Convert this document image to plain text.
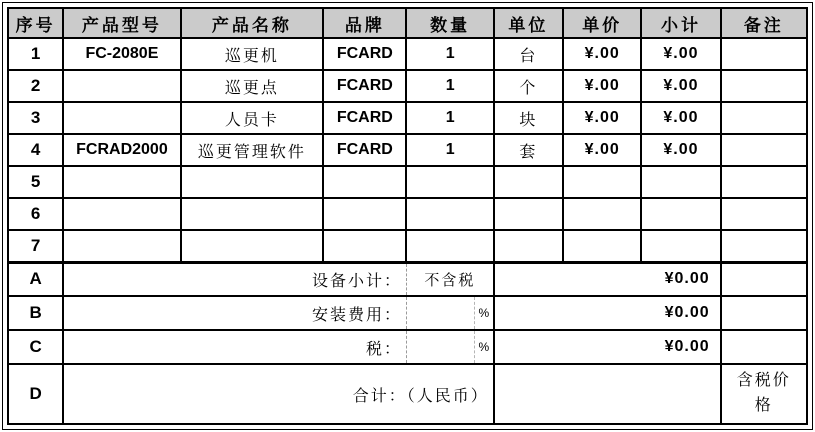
序号	产品型号	产品名称	品牌	数量	单位	单价	小计	备注
1	FC-2080E	巡更机	FCARD	1	台	¥.00	¥.00	
2		巡更点	FCARD	1	个	¥.00	¥.00	
3		人员卡	FCARD	1	块	¥.00	¥.00	
4	FCRAD2000	巡更管理软件	FCARD	1	套	¥.00	¥.00	
5								
6								
7								
A	设备小计：			不含税	¥0.00			
B	安装费用：			%	¥0.00			
C	税：			%	¥0.00			
D	合计：（人民币）							含税价格
